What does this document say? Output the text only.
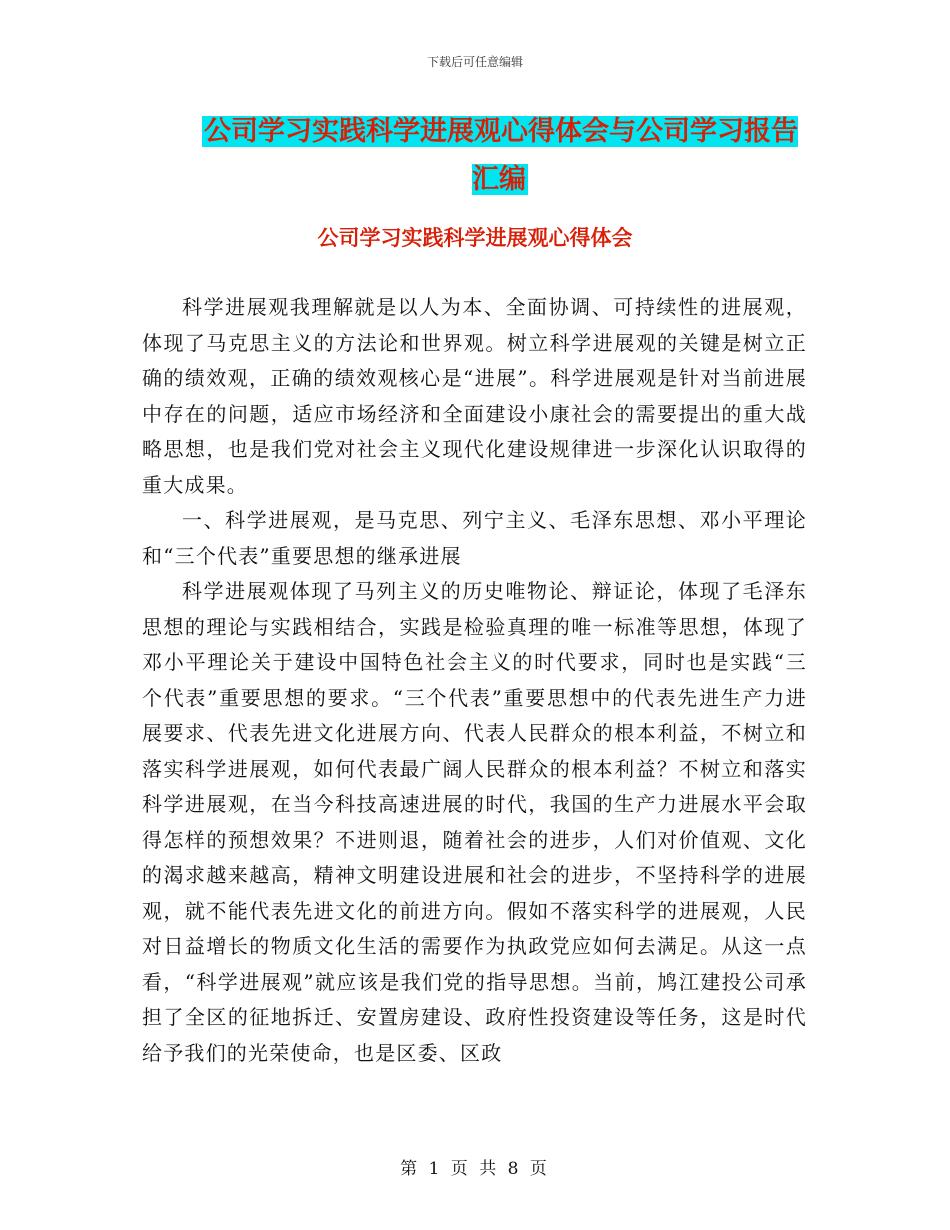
下载后可任意编辑
公司学习实践科学进展观心得体会与公司学习报告汇编
公司学习实践科学进展观心得体会

科学进展观我理解就是以人为本、全面协调、可持续性的进展观，体现了马克思主义的方法论和世界观。树立科学进展观的关键是树立正确的绩效观，正确的绩效观核心是“进展”。科学进展观是针对当前进展中存在的问题，适应市场经济和全面建设小康社会的需要提出的重大战略思想，也是我们党对社会主义现代化建设规律进一步深化认识取得的重大成果。

一、科学进展观，是马克思、列宁主义、毛泽东思想、邓小平理论和“三个代表”重要思想的继承进展

科学进展观体现了马列主义的历史唯物论、辩证论，体现了毛泽东思想的理论与实践相结合，实践是检验真理的唯一标准等思想，体现了邓小平理论关于建设中国特色社会主义的时代要求，同时也是实践“三个代表”重要思想的要求。“三个代表”重要思想中的代表先进生产力进展要求、代表先进文化进展方向、代表人民群众的根本利益，不树立和落实科学进展观，如何代表最广阔人民群众的根本利益？不树立和落实科学进展观，在当今科技高速进展的时代，我国的生产力进展水平会取得怎样的预想效果？不进则退，随着社会的进步，人们对价值观、文化的渴求越来越高，精神文明建设进展和社会的进步，不坚持科学的进展观，就不能代表先进文化的前进方向。假如不落实科学的进展观，人民对日益增长的物质文化生活的需要作为执政党应如何去满足。从这一点看，“科学进展观”就应该是我们党的指导思想。当前，鸠江建投公司承担了全区的征地拆迁、安置房建设、政府性投资建设等任务，这是时代给予我们的光荣使命，也是区委、区政

第 1 页 共 8 页
